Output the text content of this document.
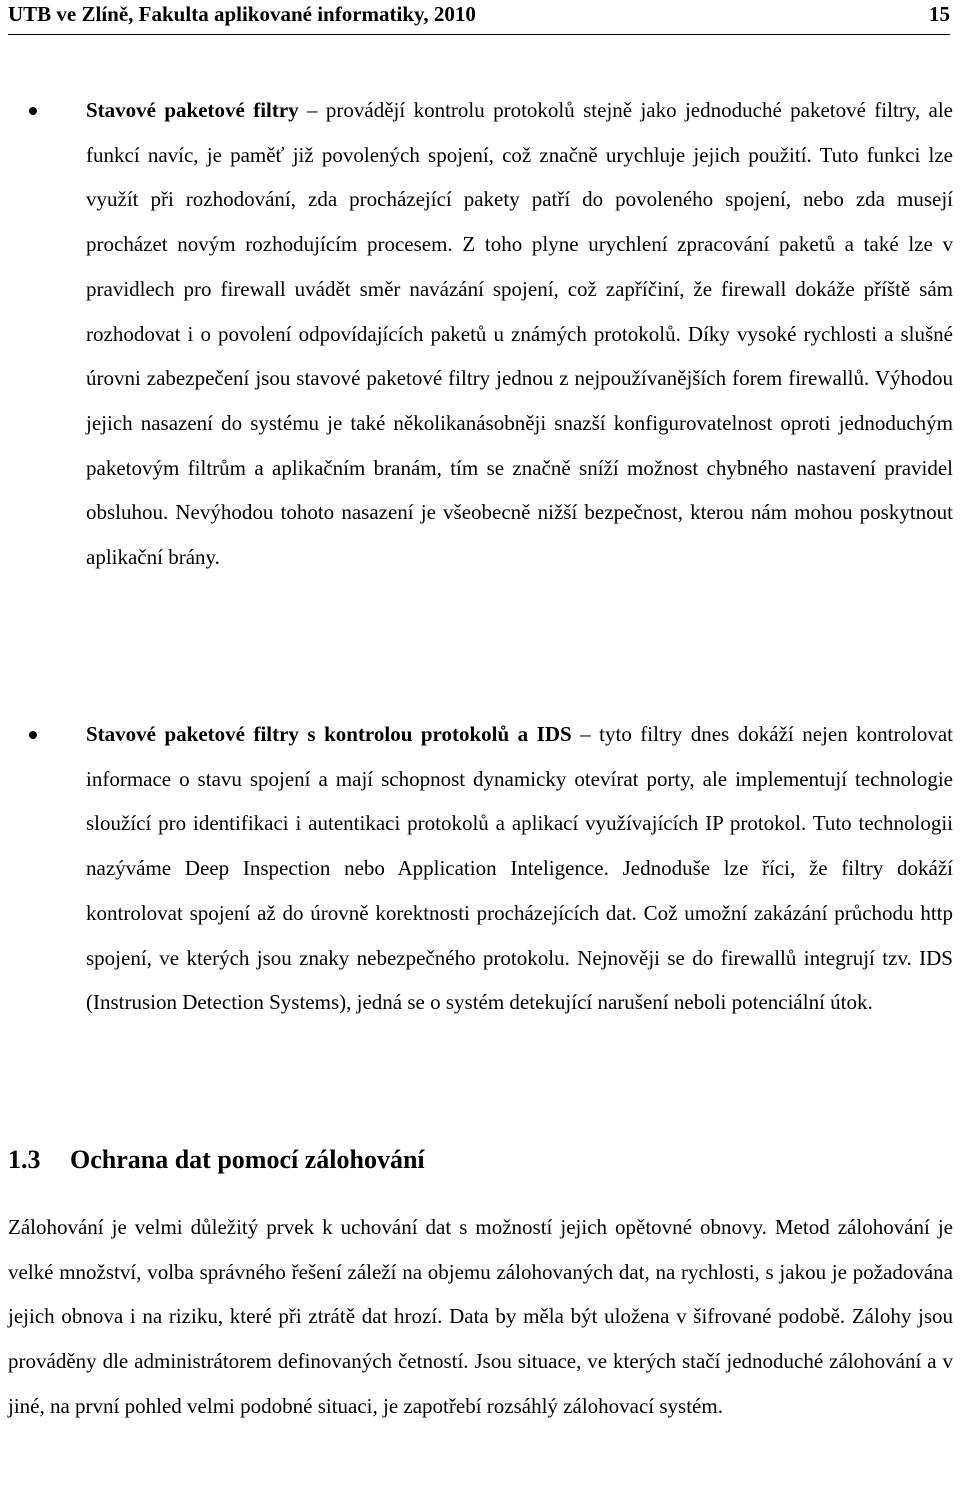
UTB ve Zlíně, Fakulta aplikované informatiky, 2010	15
Stavové paketové filtry – provádějí kontrolu protokolů stejně jako jednoduché paketové filtry, ale funkcí navíc, je paměť již povolených spojení, což značně urychluje jejich použití. Tuto funkci lze využít při rozhodování, zda procházející pakety patří do povoleného spojení, nebo zda musejí procházet novým rozhodujícím procesem. Z toho plyne urychlení zpracování paketů a také lze v pravidlech pro firewall uvádět směr navázání spojení, což zapříčiní, že firewall dokáže příště sám rozhodovat i o povolení odpovídajících paketů u známých protokolů. Díky vysoké rychlosti a slušné úrovni zabezpečení jsou stavové paketové filtry jednou z nejpoužívanějších forem firewallů. Výhodou jejich nasazení do systému je také několikanásobněji snazší konfigurovatelnost oproti jednoduchým paketovým filtrům a aplikačním branám, tím se značně sníží možnost chybného nastavení pravidel obsluhou. Nevýhodou tohoto nasazení je všeobecně nižší bezpečnost, kterou nám mohou poskytnout aplikační brány.
Stavové paketové filtry s kontrolou protokolů a IDS – tyto filtry dnes dokáží nejen kontrolovat informace o stavu spojení a mají schopnost dynamicky otevírat porty, ale implementují technologie sloužící pro identifikaci i autentikaci protokolů a aplikací využívajících IP protokol. Tuto technologii nazýváme Deep Inspection nebo Application Inteligence. Jednoduše lze říci, že filtry dokáží kontrolovat spojení až do úrovně korektnosti procházejících dat. Což umožní zakázání průchodu http spojení, ve kterých jsou znaky nebezpečného protokolu. Nejnověji se do firewallů integrují tzv. IDS (Instrusion Detection Systems), jedná se o systém detekující narušení neboli potenciální útok.
1.3 Ochrana dat pomocí zálohování
Zálohování je velmi důležitý prvek k uchování dat s možností jejich opětovné obnovy. Metod zálohování je velké množství, volba správného řešení záleží na objemu zálohovaných dat, na rychlosti, s jakou je požadována jejich obnova i na riziku, které při ztrátě dat hrozí. Data by měla být uložena v šifrované podobě. Zálohy jsou prováděny dle administrátorem definovaných četností. Jsou situace, ve kterých stačí jednoduché zálohování a v jiné, na první pohled velmi podobné situaci, je zapotřebí rozsáhlý zálohovací systém.
